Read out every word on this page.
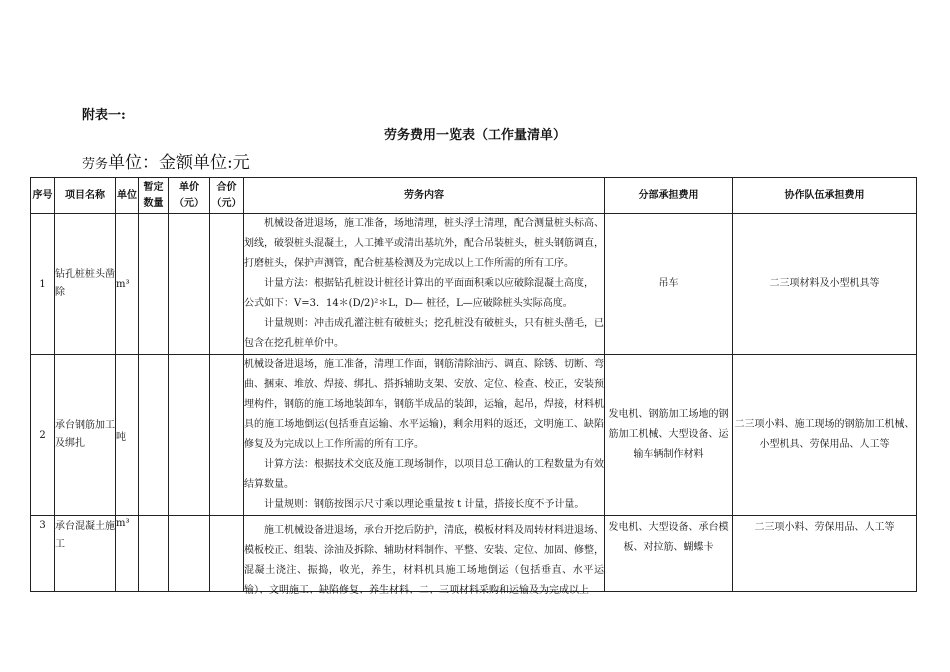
附表一:
劳务费用一览表（工作量清单）
劳务单位：金额单位:元
序号	项目名称	单位	暂定数量	单价（元）	合价（元）	劳务内容	分部承担费用	协作队伍承担费用
1	钻孔桩桩头凿除	m³				机械设备进退场，施工准备，场地清理，桩头浮土清理，配合测量桩头标高、划线，破裂桩头混凝土，人工摊平或清出基坑外，配合吊装桩头，桩头钢筋调直，打磨桩头，保护声测管，配合桩基检测及为完成以上工作所需的所有工序。

计量方法：根据钻孔桩设计桩径计算出的平面面积乘以应破除混凝土高度，

公式如下：V=3．14＊(D/2)²＊L，D— 桩径，L—应破除桩头实际高度。

计量规则：冲击成孔灌注桩有破桩头；挖孔桩没有破桩头，只有桩头凿毛，已包含在挖孔桩单价中。	吊车	二三项材料及小型机具等
2	承台钢筋加工及绑扎	吨				机械设备进退场，施工准备，清理工作面，钢筋清除油污、调直、除锈、切断、弯曲、捆束、堆放、焊接、绑扎、搭拆辅助支架、安放、定位、检查、校正，安装预埋构件，钢筋的施工场地装卸车，钢筋半成品的装卸，运输，起吊，焊接，材料机具的施工场地倒运(包括垂直运输、水平运输)，剩余用料的返还，文明施工、缺陷修复及为完成以上工作所需的所有工序。

计算方法：根据技术交底及施工现场制作，以项目总工确认的工程数量为有效结算数量。

计量规则：钢筋按图示尺寸乘以理论重量按 t 计量，搭接长度不予计量。	发电机、钢筋加工场地的钢筋加工机械、大型设备、运输车辆制作材料	二三项小料、施工现场的钢筋加工机械、小型机具、劳保用品、人工等
3	承台混凝土施工	m³				施工机械设备进退场，承台开挖后防护，清底，模板材料及周转材料进退场、模板校正、组装、涂油及拆除、辅助材料制作、平整、安装、定位、加固、修整，混凝土浇注、振捣，收光，养生，材料机具施工场地倒运（包括垂直、水平运输）、文明施工、缺陷修复、养生材料、二、三项材料采购和运输及为完成以上	发电机、大型设备、承台模板、对拉筋、蝴蝶卡	二三项小料、劳保用品、人工等
